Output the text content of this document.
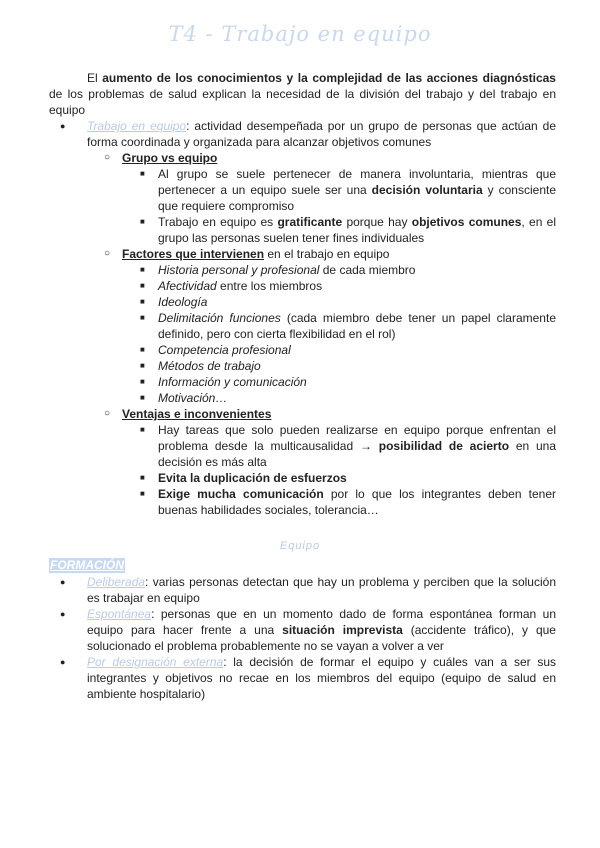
T4 - Trabajo en equipo

El aumento de los conocimientos y la complejidad de las acciones diagnósticas de los problemas de salud explican la necesidad de la división del trabajo y del trabajo en equipo

● Trabajo en equipo: actividad desempeñada por un grupo de personas que actúan de forma coordinada y organizada para alcanzar objetivos comunes

○ Grupo vs equipo

■ Al grupo se suele pertenecer de manera involuntaria, mientras que pertenecer a un equipo suele ser una decisión voluntaria y consciente que requiere compromiso

■ Trabajo en equipo es gratificante porque hay objetivos comunes, en el grupo las personas suelen tener fines individuales

○ Factores que intervienen en el trabajo en equipo

■ Historia personal y profesional de cada miembro

■ Afectividad entre los miembros

■ Ideología

■ Delimitación funciones (cada miembro debe tener un papel claramente definido, pero con cierta flexibilidad en el rol)

■ Competencia profesional

■ Métodos de trabajo

■ Información y comunicación

■ Motivación…

○ Ventajas e inconvenientes

■ Hay tareas que solo pueden realizarse en equipo porque enfrentan el problema desde la multicausalidad → posibilidad de acierto en una decisión es más alta

■ Evita la duplicación de esfuerzos

■ Exige mucha comunicación por lo que los integrantes deben tener buenas habilidades sociales, tolerancia…

Equipo
FORMACIÓN

● Deliberada: varias personas detectan que hay un problema y perciben que la solución es trabajar en equipo

● Espontánea: personas que en un momento dado de forma espontánea forman un equipo para hacer frente a una situación imprevista (accidente tráfico), y que solucionado el problema probablemente no se vayan a volver a ver

● Por designación externa: la decisión de formar el equipo y cuáles van a ser sus integrantes y objetivos no recae en los miembros del equipo (equipo de salud en ambiente hospitalario)
